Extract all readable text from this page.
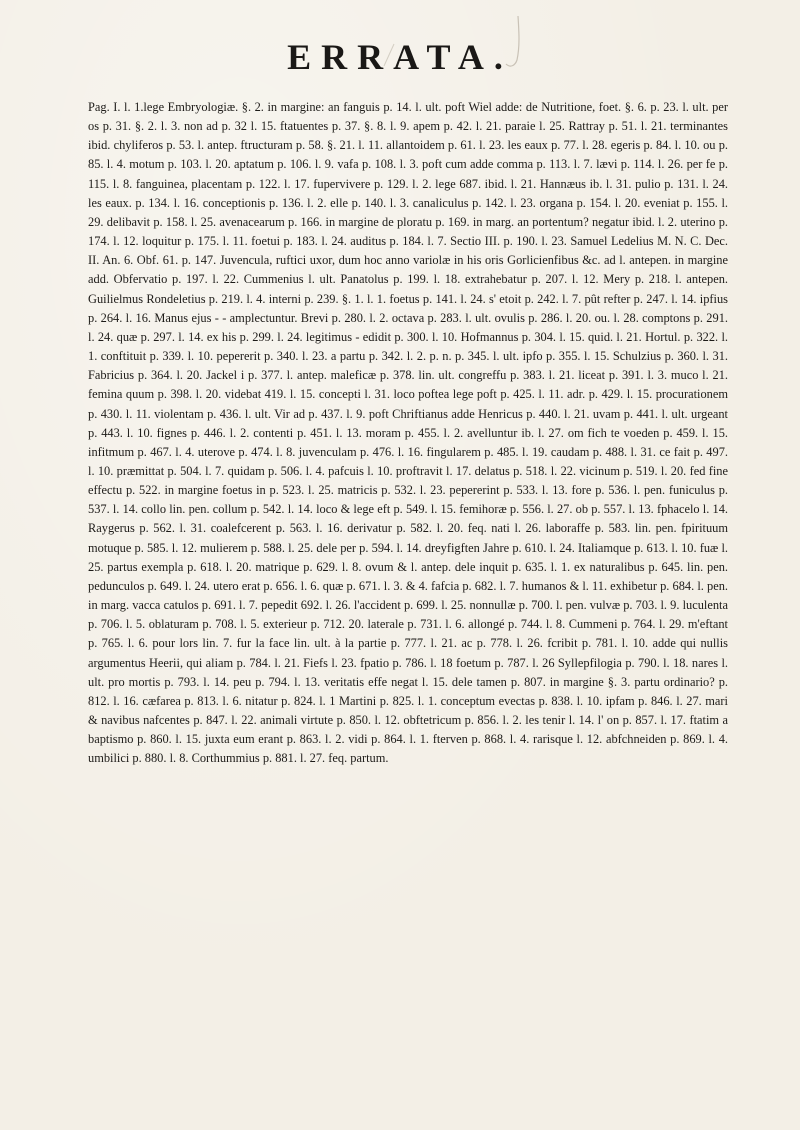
ERRATA.

Pag. I. l. 1.lege Embryologiæ. §. 2. in margine: an fanguis p. 14. l. ult. poft Wiel adde: de Nutritione, foet. §. 6. p. 23. l. ult. per os p. 31. §. 2. l. 3. non ad p. 32 l. 15. ftatuentes p. 37. §. 8. l. 9. apem p. 42. l. 21. paraie l. 25. Rattray p. 51. l. 21. terminantes ibid. chyliferos p. 53. l. antep. ftructuram p. 58. §. 21. l. 11. allantoidem p. 61. l. 23. les eaux p. 77. l. 28. egeris p. 84. l. 10. ou p. 85. l. 4. motum p. 103. l. 20. aptatum p. 106. l. 9. vafa p. 108. l. 3. poft cum adde comma p. 113. l. 7. lævi p. 114. l. 26. per fe p. 115. l. 8. fanguinea, placentam p. 122. l. 17. fupervivere p. 129. l. 2. lege 687. ibid. l. 21. Hannæus ib. l. 31. pulio p. 131. l. 24. les eaux. p. 134. l. 16. conceptionis p. 136. l. 2. elle p. 140. l. 3. canaliculus p. 142. l. 23. organa p. 154. l. 20. eveniat p. 155. l. 29. delibavit p. 158. l. 25. avenacearum p. 166. in margine de ploratu p. 169. in marg. an portentum? negatur ibid. l. 2. uterino p. 174. l. 12. loquitur p. 175. l. 11. foetui p. 183. l. 24. auditus p. 184. l. 7. Sectio III. p. 190. l. 23. Samuel Ledelius M. N. C. Dec. II. An. 6. Obf. 61. p. 147. Juvencula, ruftici uxor, dum hoc anno variolæ in his oris Gorlicienfibus &c. ad l. antepen. in margine add. Obfervatio p. 197. l. 22. Cummenius l. ult. Panatolus p. 199. l. 18. extrahebatur p. 207. l. 12. Mery p. 218. l. antepen. Guilielmus Rondeletius p. 219. l. 4. interni p. 239. §. 1. l. 1. foetus p. 141. l. 24. s' etoit p. 242. l. 7. pût refter p. 247. l. 14. ipfius p. 264. l. 16. Manus ejus - - amplectuntur. Brevi p. 280. l. 2. octava p. 283. l. ult. ovulis p. 286. l. 20. ou. l. 28. comptons p. 291. l. 24. quæ p. 297. l. 14. ex his p. 299. l. 24. legitimus - edidit p. 300. l. 10. Hofmannus p. 304. l. 15. quid. l. 21. Hortul. p. 322. l. 1. conftituit p. 339. l. 10. pepererit p. 340. l. 23. a partu p. 342. l. 2. p. n. p. 345. l. ult. ipfo p. 355. l. 15. Schulzius p. 360. l. 31. Fabricius p. 364. l. 20. Jackel i p. 377. l. antep. maleficæ p. 378. lin. ult. congreffu p. 383. l. 21. liceat p. 391. l. 3. muco l. 21. femina quum p. 398. l. 20. videbat 419. l. 15. concepti l. 31. loco poftea lege poft p. 425. l. 11. adr. p. 429. l. 15. procurationem p. 430. l. 11. violentam p. 436. l. ult. Vir ad p. 437. l. 9. poft Chriftianus adde Henricus p. 440. l. 21. uvam p. 441. l. ult. urgeant p. 443. l. 10. fignes p. 446. l. 2. contenti p. 451. l. 13. moram p. 455. l. 2. avelluntur ib. l. 27. om fich te voeden p. 459. l. 15. infitmum p. 467. l. 4. uterove p. 474. l. 8. juvenculam p. 476. l. 16. fingularem p. 485. l. 19. caudam p. 488. l. 31. ce fait p. 497. l. 10. præmittat p. 504. l. 7. quidam p. 506. l. 4. pafcuis l. 10. proftravit l. 17. delatus p. 518. l. 22. vicinum p. 519. l. 20. fed fine effectu p. 522. in margine foetus in p. 523. l. 25. matricis p. 532. l. 23. pepererint p. 533. l. 13. fore p. 536. l. pen. funiculus p. 537. l. 14. collo lin. pen. collum p. 542. l. 14. loco & lege eft p. 549. l. 15. femihoræ p. 556. l. 27. ob p. 557. l. 13. fphacelo l. 14. Raygerus p. 562. l. 31. coalefcerent p. 563. l. 16. derivatur p. 582. l. 20. feq. nati l. 26. laboraffe p. 583. lin. pen. fpirituum motuque p. 585. l. 12. mulierem p. 588. l. 25. dele per p. 594. l. 14. dreyfigften Jahre p. 610. l. 24. Italiamque p. 613. l. 10. fuæ l. 25. partus exempla p. 618. l. 20. matrique p. 629. l. 8. ovum & l. antep. dele inquit p. 635. l. 1. ex naturalibus p. 645. lin. pen. pedunculos p. 649. l. 24. utero erat p. 656. l. 6. quæ p. 671. l. 3. & 4. fafcia p. 682. l. 7. humanos & l. 11. exhibetur p. 684. l. pen. in marg. vacca catulos p. 691. l. 7. pepedit 692. l. 26. l'accident p. 699. l. 25. nonnullæ p. 700. l. pen. vulvæ p. 703. l. 9. luculenta p. 706. l. 5. oblaturam p. 708. l. 5. exterieur p. 712. 20. laterale p. 731. l. 6. allongé p. 744. l. 8. Cummeni p. 764. l. 29. m'eftant p. 765. l. 6. pour lors lin. 7. fur la face lin. ult. à la partie p. 777. l. 21. ac p. 778. l. 26. fcribit p. 781. l. 10. adde qui nullis argumentus Heerii, qui aliam p. 784. l. 21. Fiefs l. 23. fpatio p. 786. l. 18 foetum p. 787. l. 26 Syllepfilogia p. 790. l. 18. nares l. ult. pro mortis p. 793. l. 14. peu p. 794. l. 13. veritatis effe negat l. 15. dele tamen p. 807. in margine §. 3. partu ordinario? p. 812. l. 16. cæfarea p. 813. l. 6. nitatur p. 824. l. 1 Martini p. 825. l. 1. conceptum evectas p. 838. l. 10. ipfam p. 846. l. 27. mari & navibus nafcentes p. 847. l. 22. animali virtute p. 850. l. 12. obftetricum p. 856. l. 2. les tenir l. 14. l' on p. 857. l. 17. ftatim a baptismo p. 860. l. 15. juxta eum erant p. 863. l. 2. vidi p. 864. l. 1. fterven p. 868. l. 4. rarisque l. 12. abfchneiden p. 869. l. 4. umbilici p. 880. l. 8. Corthummius p. 881. l. 27. feq. partum.
